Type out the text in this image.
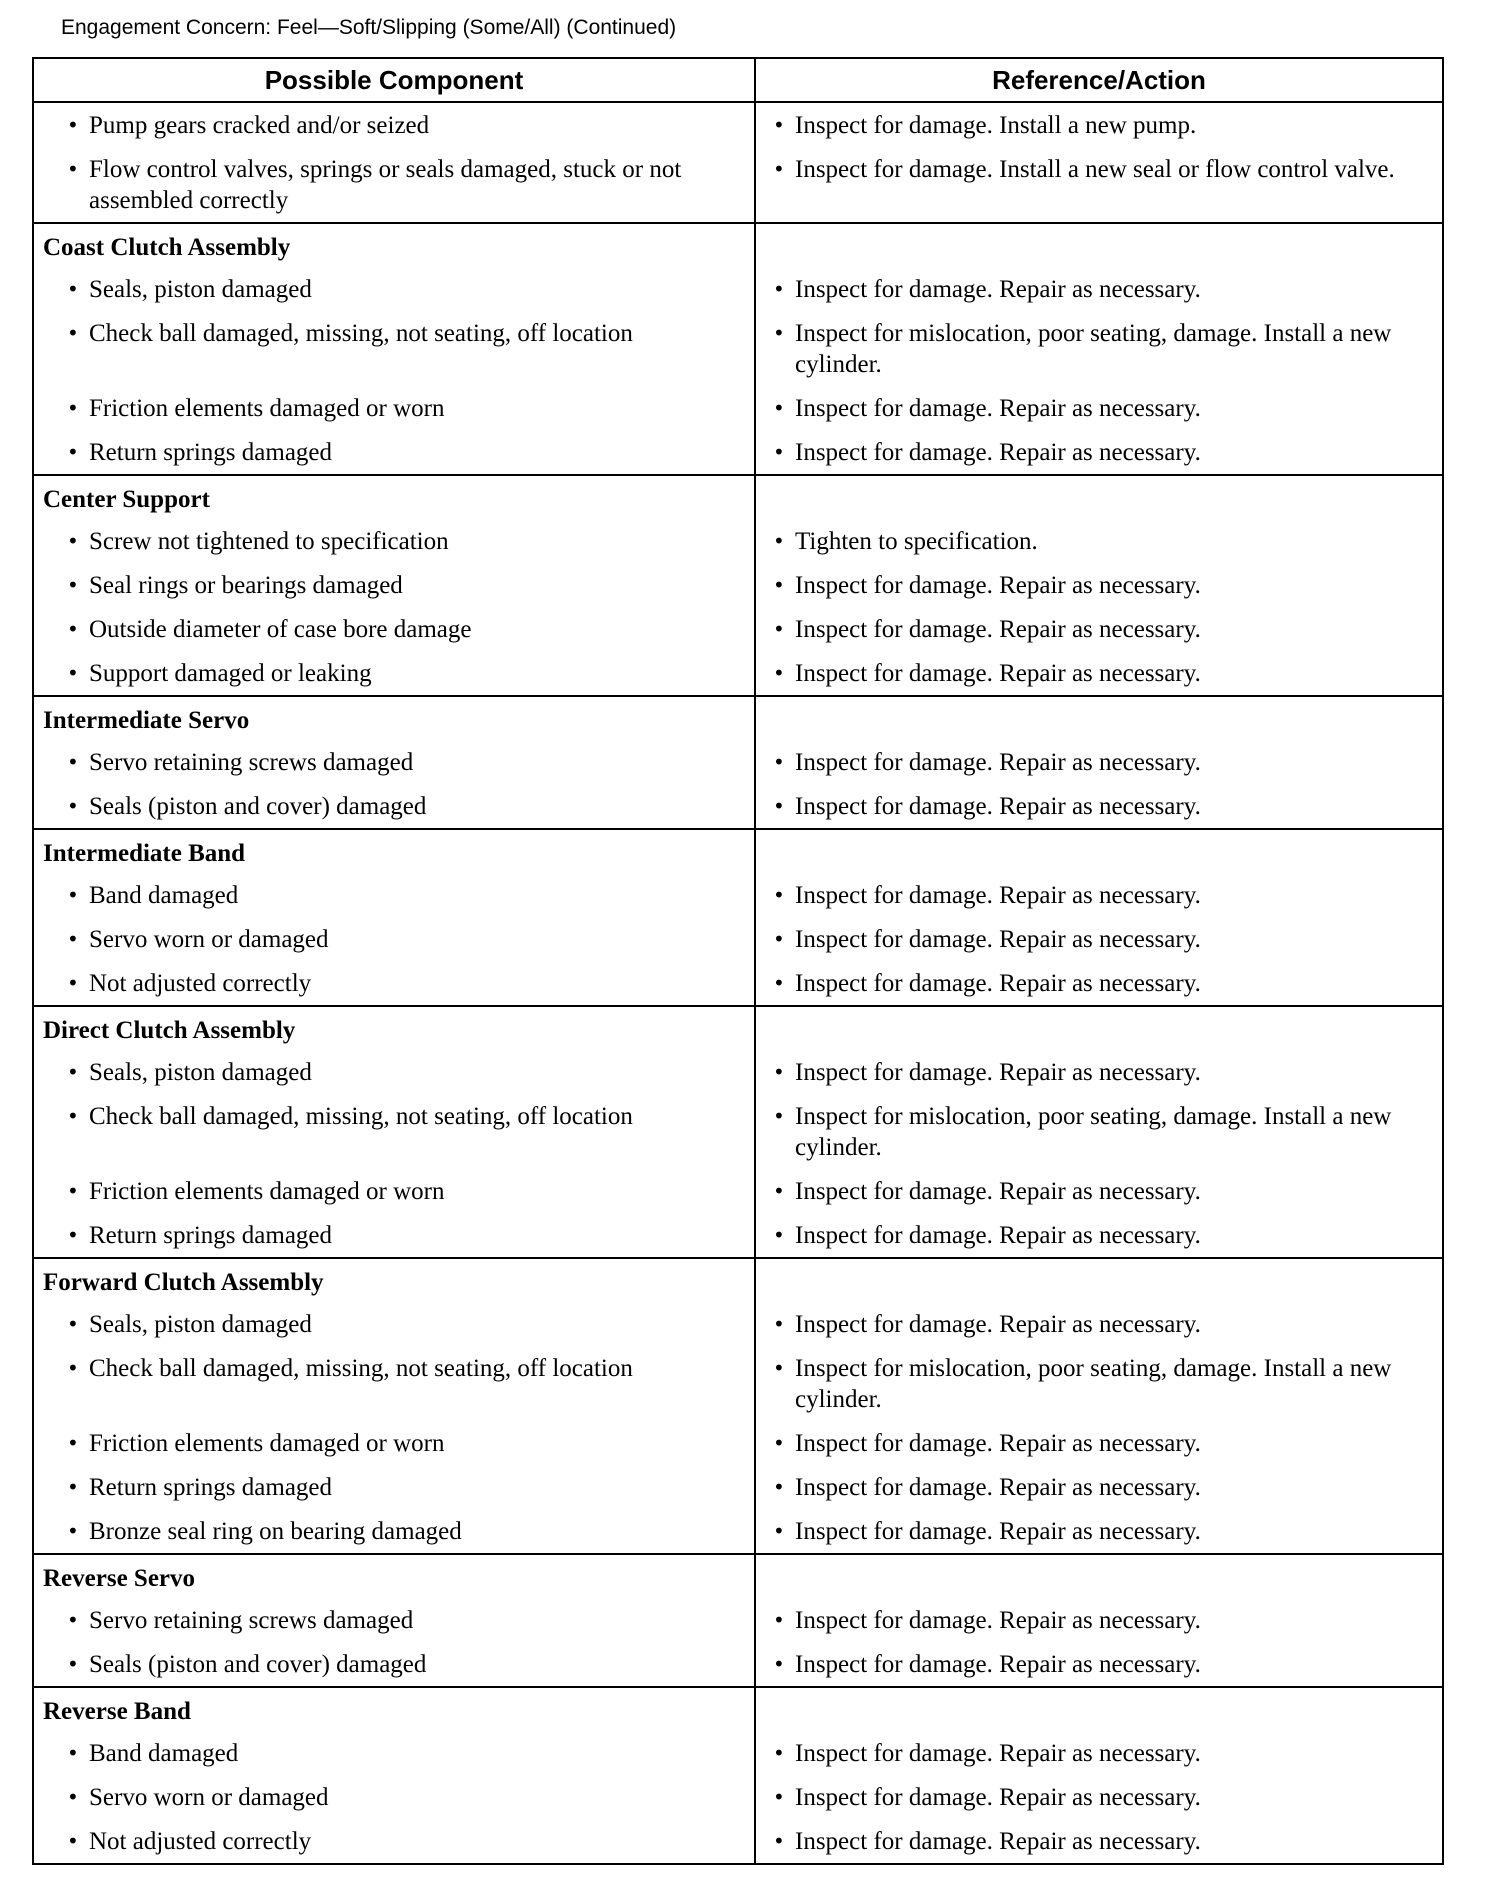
Engagement Concern: Feel—Soft/Slipping (Some/All) (Continued)
Possible Component	Reference/Action

• Pump gears cracked and/or seized	• Inspect for damage. Install a new pump.

• Flow control valves, springs or seals damaged, stuck or not assembled correctly	• Inspect for damage. Install a new seal or flow control valve.

Coast Clutch Assembly	

• Seals, piston damaged	• Inspect for damage. Repair as necessary.

• Check ball damaged, missing, not seating, off location	• Inspect for mislocation, poor seating, damage. Install a new cylinder.

• Friction elements damaged or worn	• Inspect for damage. Repair as necessary.

• Return springs damaged	• Inspect for damage. Repair as necessary.

Center Support	

• Screw not tightened to specification	• Tighten to specification.

• Seal rings or bearings damaged	• Inspect for damage. Repair as necessary.

• Outside diameter of case bore damage	• Inspect for damage. Repair as necessary.

• Support damaged or leaking	• Inspect for damage. Repair as necessary.

Intermediate Servo	

• Servo retaining screws damaged	• Inspect for damage. Repair as necessary.

• Seals (piston and cover) damaged	• Inspect for damage. Repair as necessary.

Intermediate Band	

• Band damaged	• Inspect for damage. Repair as necessary.

• Servo worn or damaged	• Inspect for damage. Repair as necessary.

• Not adjusted correctly	• Inspect for damage. Repair as necessary.

Direct Clutch Assembly	

• Seals, piston damaged	• Inspect for damage. Repair as necessary.

• Check ball damaged, missing, not seating, off location	• Inspect for mislocation, poor seating, damage. Install a new cylinder.

• Friction elements damaged or worn	• Inspect for damage. Repair as necessary.

• Return springs damaged	• Inspect for damage. Repair as necessary.

Forward Clutch Assembly	

• Seals, piston damaged	• Inspect for damage. Repair as necessary.

• Check ball damaged, missing, not seating, off location	• Inspect for mislocation, poor seating, damage. Install a new cylinder.

• Friction elements damaged or worn	• Inspect for damage. Repair as necessary.

• Return springs damaged	• Inspect for damage. Repair as necessary.

• Bronze seal ring on bearing damaged	• Inspect for damage. Repair as necessary.

Reverse Servo	

• Servo retaining screws damaged	• Inspect for damage. Repair as necessary.

• Seals (piston and cover) damaged	• Inspect for damage. Repair as necessary.

Reverse Band	

• Band damaged	• Inspect for damage. Repair as necessary.

• Servo worn or damaged	• Inspect for damage. Repair as necessary.

• Not adjusted correctly	• Inspect for damage. Repair as necessary.
